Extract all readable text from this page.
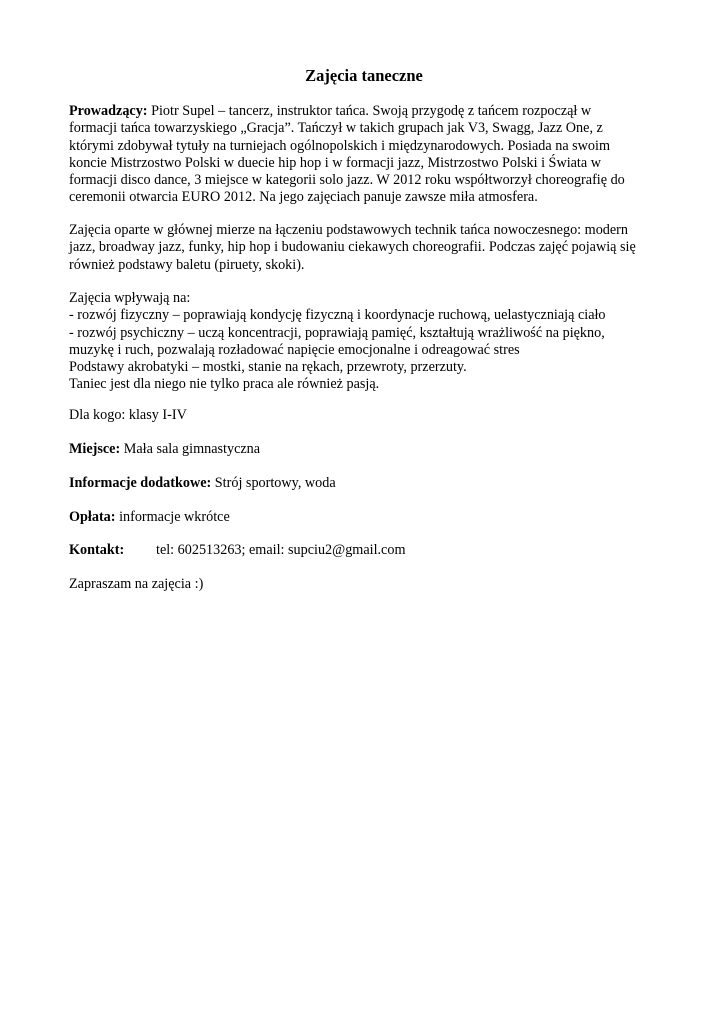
Zajęcia taneczne
Prowadzący: Piotr Supel – tancerz, instruktor tańca. Swoją przygodę z tańcem rozpoczął w
formacji tańca towarzyskiego „Gracja”. Tańczył w takich grupach jak V3, Swagg, Jazz One, z
którymi zdobywał tytuły na turniejach ogólnopolskich i międzynarodowych. Posiada na swoim
koncie Mistrzostwo Polski w duecie hip hop i w formacji jazz, Mistrzostwo Polski i Świata w
formacji disco dance, 3 miejsce w kategorii solo jazz. W 2012 roku współtworzył choreografię do
ceremonii otwarcia EURO 2012. Na jego zajęciach panuje zawsze miła atmosfera.
Zajęcia oparte w głównej mierze na łączeniu podstawowych technik tańca nowoczesnego: modern
jazz, broadway jazz, funky, hip hop i budowaniu ciekawych choreografii. Podczas zajęć pojawią się
również podstawy baletu (piruety, skoki).
Zajęcia wpływają na:
- rozwój fizyczny – poprawiają kondycję fizyczną i koordynacje ruchową, uelastyczniają ciało
- rozwój psychiczny – uczą koncentracji, poprawiają pamięć, kształtują wrażliwość na piękno,
muzykę i ruch, pozwalają rozładować napięcie emocjonalne i odreagować stres
Podstawy akrobatyki – mostki, stanie na rękach, przewroty, przerzuty.
Taniec jest dla niego nie tylko praca ale również pasją.
Dla kogo: klasy I-IV
Miejsce: Mała sala gimnastyczna
Informacje dodatkowe: Strój sportowy, woda
Opłata: informacje wkrótce
Kontakt: tel: 602513263; email: supciu2@gmail.com
Zapraszam na zajęcia :)
